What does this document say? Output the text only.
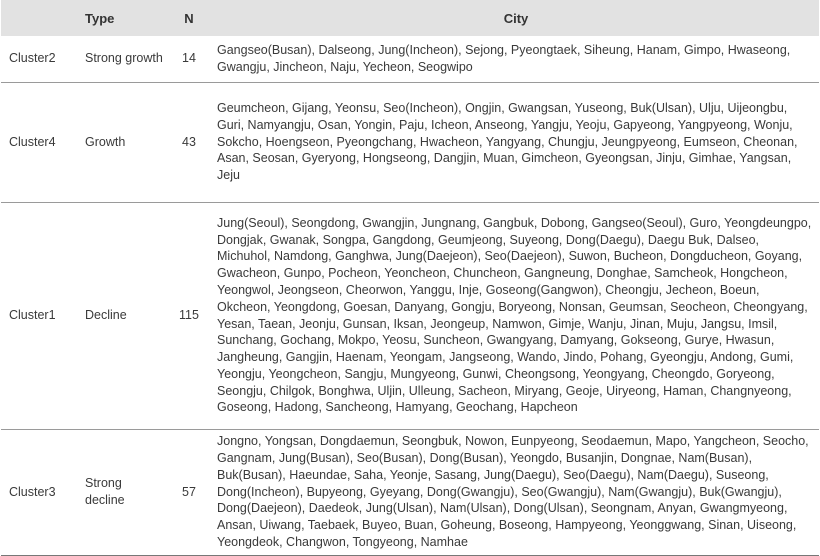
	Type	N	City
Cluster2	Strong growth	14	Gangseo(Busan), Dalseong, Jung(Incheon), Sejong, Pyeongtaek, Siheung, Hanam, Gimpo, Hwaseong, Gwangju, Jincheon, Naju, Yecheon, Seogwipo
Cluster4	Growth	43	Geumcheon, Gijang, Yeonsu, Seo(Incheon), Ongjin, Gwangsan, Yuseong, Buk(Ulsan), Ulju, Uijeongbu, Guri, Namyangju, Osan, Yongin, Paju, Icheon, Anseong, Yangju, Yeoju, Gapyeong, Yangpyeong, Wonju, Sokcho, Hoengseon, Pyeongchang, Hwacheon, Yangyang, Chungju, Jeungpyeong, Eumseon, Cheonan, Asan, Seosan, Gyeryong, Hongseong, Dangjin, Muan, Gimcheon, Gyeongsan, Jinju, Gimhae, Yangsan, Jeju
Cluster1	Decline	115	Jung(Seoul), Seongdong, Gwangjin, Jungnang, Gangbuk, Dobong, Gangseo(Seoul), Guro, Yeongdeungpo, Dongjak, Gwanak, Songpa, Gangdong, Geumjeong, Suyeong, Dong(Daegu), Daegu Buk, Dalseo, Michuhol, Namdong, Ganghwa, Jung(Daejeon), Seo(Daejeon), Suwon, Bucheon, Dongducheon, Goyang, Gwacheon, Gunpo, Pocheon, Yeoncheon, Chuncheon, Gangneung, Donghae, Samcheok, Hongcheon, Yeongwol, Jeongseon, Cheorwon, Yanggu, Inje, Goseong(Gangwon), Cheongju, Jecheon, Boeun, Okcheon, Yeongdong, Goesan, Danyang, Gongju, Boryeong, Nonsan, Geumsan, Seocheon, Cheongyang, Yesan, Taean, Jeonju, Gunsan, Iksan, Jeongeup, Namwon, Gimje, Wanju, Jinan, Muju, Jangsu, Imsil, Sunchang, Gochang, Mokpo, Yeosu, Suncheon, Gwangyang, Damyang, Gokseong, Gurye, Hwasun, Jangheung, Gangjin, Haenam, Yeongam, Jangseong, Wando, Jindo, Pohang, Gyeongju, Andong, Gumi, Yeongju, Yeongcheon, Sangju, Mungyeong, Gunwi, Cheongsong, Yeongyang, Cheongdo, Goryeong, Seongju, Chilgok, Bonghwa, Uljin, Ulleung, Sacheon, Miryang, Geoje, Uiryeong, Haman, Changnyeong, Goseong, Hadong, Sancheong, Hamyang, Geochang, Hapcheon
Cluster3	Strong decline	57	Jongno, Yongsan, Dongdaemun, Seongbuk, Nowon, Eunpyeong, Seodaemun, Mapo, Yangcheon, Seocho, Gangnam, Jung(Busan), Seo(Busan), Dong(Busan), Yeongdo, Busanjin, Dongnae, Nam(Busan), Buk(Busan), Haeundae, Saha, Yeonje, Sasang, Jung(Daegu), Seo(Daegu), Nam(Daegu), Suseong, Dong(Incheon), Bupyeong, Gyeyang, Dong(Gwangju), Seo(Gwangju), Nam(Gwangju), Buk(Gwangju), Dong(Daejeon), Daedeok, Jung(Ulsan), Nam(Ulsan), Dong(Ulsan), Seongnam, Anyan, Gwangmyeong, Ansan, Uiwang, Taebaek, Buyeo, Buan, Goheung, Boseong, Hampyeong, Yeonggwang, Sinan, Uiseong, Yeongdeok, Changwon, Tongyeong, Namhae
